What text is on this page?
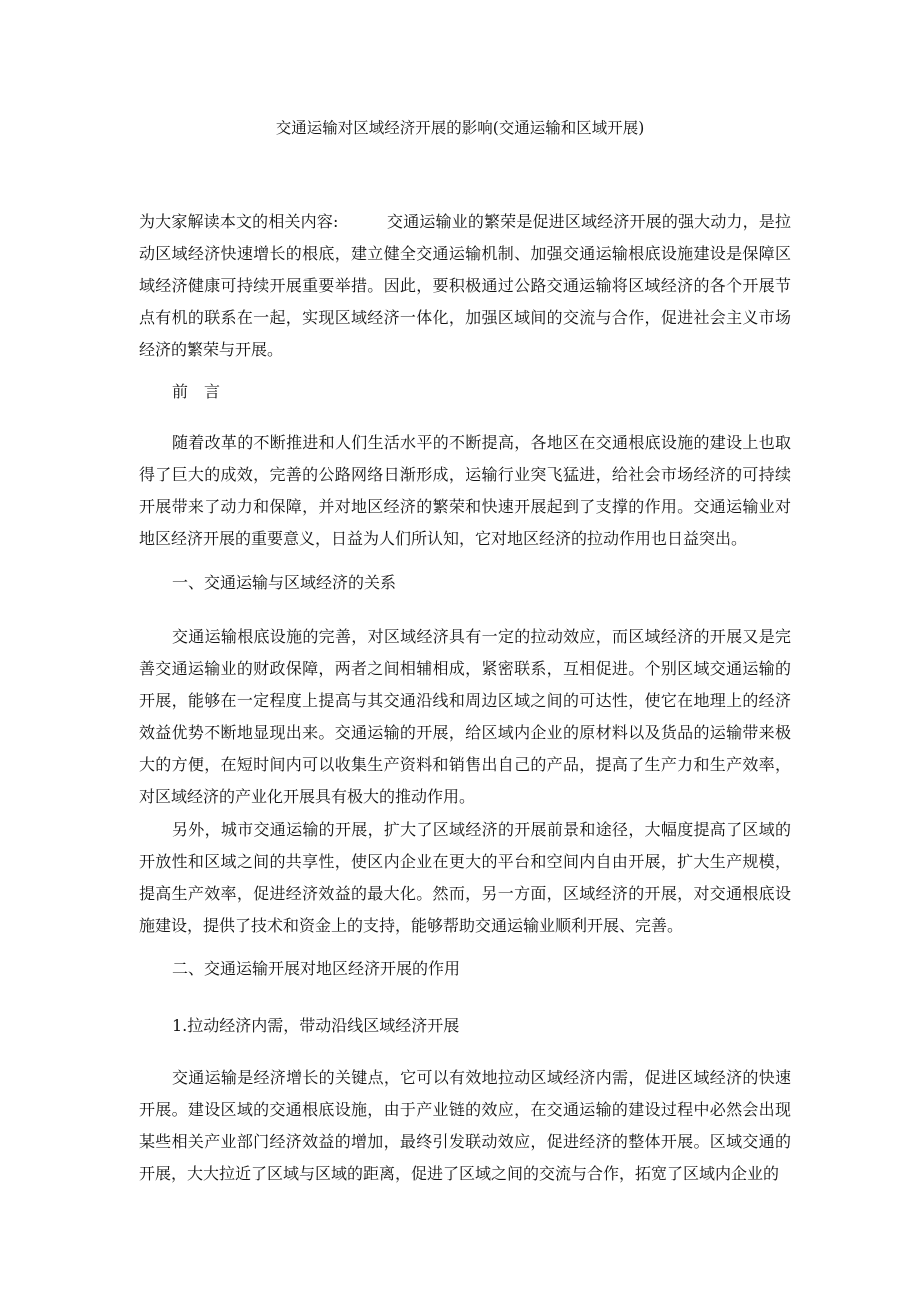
交通运输对区域经济开展的影响(交通运输和区域开展)
为大家解读本文的相关内容:　　　交通运输业的繁荣是促进区域经济开展的强大动力，是拉
动区域经济快速增长的根底，建立健全交通运输机制、加强交通运输根底设施建设是保障区
域经济健康可持续开展重要举措。因此，要积极通过公路交通运输将区域经济的各个开展节
点有机的联系在一起，实现区域经济一体化，加强区域间的交流与合作，促进社会主义市场
经济的繁荣与开展。
前　言
随着改革的不断推进和人们生活水平的不断提高，各地区在交通根底设施的建设上也取
得了巨大的成效，完善的公路网络日渐形成，运输行业突飞猛进，给社会市场经济的可持续
开展带来了动力和保障，并对地区经济的繁荣和快速开展起到了支撑的作用。交通运输业对
地区经济开展的重要意义，日益为人们所认知，它对地区经济的拉动作用也日益突出。
一、交通运输与区域经济的关系
交通运输根底设施的完善，对区域经济具有一定的拉动效应，而区域经济的开展又是完
善交通运输业的财政保障，两者之间相辅相成，紧密联系，互相促进。个别区域交通运输的
开展，能够在一定程度上提高与其交通沿线和周边区域之间的可达性，使它在地理上的经济
效益优势不断地显现出来。交通运输的开展，给区域内企业的原材料以及货品的运输带来极
大的方便，在短时间内可以收集生产资料和销售出自己的产品，提高了生产力和生产效率，
对区域经济的产业化开展具有极大的推动作用。
另外，城市交通运输的开展，扩大了区域经济的开展前景和途径，大幅度提高了区域的
开放性和区域之间的共享性，使区内企业在更大的平台和空间内自由开展，扩大生产规模，
提高生产效率，促进经济效益的最大化。然而，另一方面，区域经济的开展，对交通根底设
施建设，提供了技术和资金上的支持，能够帮助交通运输业顺利开展、完善。
二、交通运输开展对地区经济开展的作用
1.拉动经济内需，带动沿线区域经济开展
交通运输是经济增长的关键点，它可以有效地拉动区域经济内需，促进区域经济的快速
开展。建设区域的交通根底设施，由于产业链的效应，在交通运输的建设过程中必然会出现
某些相关产业部门经济效益的增加，最终引发联动效应，促进经济的整体开展。区域交通的
开展，大大拉近了区域与区域的距离，促进了区域之间的交流与合作，拓宽了区域内企业的
